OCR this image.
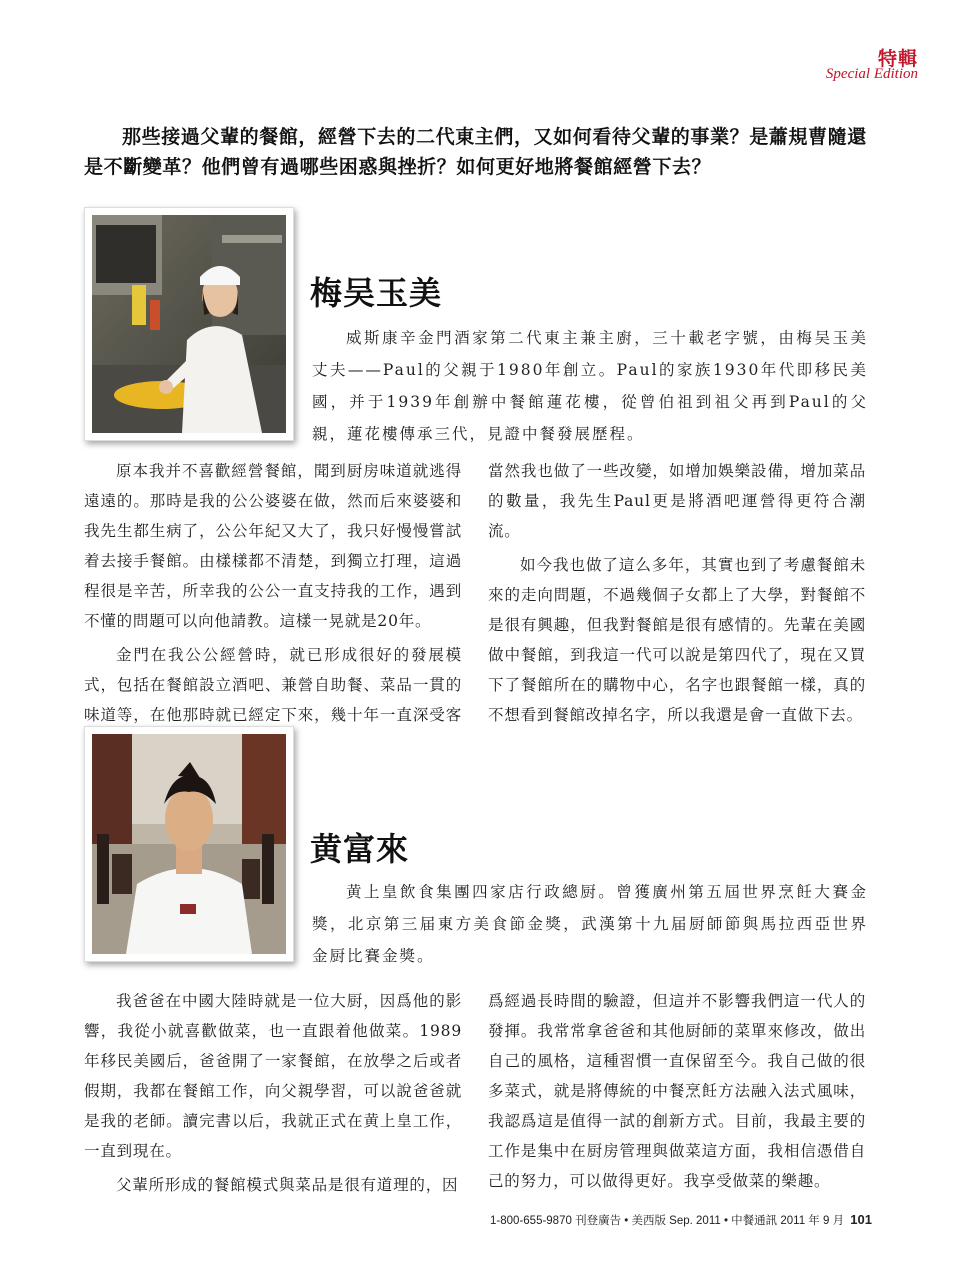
特輯
Special Edition
那些接過父輩的餐館，經營下去的二代東主們，又如何看待父輩的事業？是蕭規曹隨還是不斷變革？他們曾有過哪些困惑與挫折？如何更好地將餐館經營下去？
梅吴玉美
威斯康辛金門酒家第二代東主兼主廚，三十載老字號，由梅吴玉美丈夫——Paul的父親于1980年創立。Paul的家族1930年代即移民美國，并于1939年創辦中餐館蓮花樓，從曾伯祖到祖父再到Paul的父親，蓮花樓傳承三代，見證中餐發展歷程。

原本我并不喜歡經營餐館，聞到厨房味道就逃得遠遠的。那時是我的公公婆婆在做，然而后來婆婆和我先生都生病了，公公年紀又大了，我只好慢慢嘗試着去接手餐館。由樣樣都不清楚，到獨立打理，這過程很是辛苦，所幸我的公公一直支持我的工作，遇到不懂的問題可以向他請教。這樣一晃就是20年。

金門在我公公經營時，就已形成很好的發展模式，包括在餐館設立酒吧、兼營自助餐、菜品一貫的味道等，在他那時就已經定下來，幾十年一直深受客

當然我也做了一些改變，如增加娛樂設備，增加菜品的數量，我先生Paul更是將酒吧運營得更符合潮流。

如今我也做了這么多年，其實也到了考慮餐館未來的走向問題，不過幾個子女都上了大學，對餐館不是很有興趣，但我對餐館是很有感情的。先輩在美國做中餐館，到我這一代可以說是第四代了，現在又買下了餐館所在的購物中心，名字也跟餐館一樣，真的不想看到餐館改掉名字，所以我還是會一直做下去。

黄富來
黄上皇飲食集團四家店行政總厨。曾獲廣州第五屆世界烹飪大賽金獎，北京第三届東方美食節金獎，武漢第十九届厨師節與馬拉西亞世界金厨比賽金獎。

我爸爸在中國大陸時就是一位大厨，因爲他的影響，我從小就喜歡做菜，也一直跟着他做菜。1989年移民美國后，爸爸開了一家餐館，在放學之后或者假期，我都在餐館工作，向父親學習，可以說爸爸就是我的老師。讀完書以后，我就正式在黄上皇工作，一直到現在。

父輩所形成的餐館模式與菜品是很有道理的，因

爲經過長時間的驗證，但這并不影響我們這一代人的發揮。我常常拿爸爸和其他厨師的菜單來修改，做出自己的風格，這種習慣一直保留至今。我自己做的很多菜式，就是將傳統的中餐烹飪方法融入法式風味，我認爲這是值得一試的創新方式。目前，我最主要的工作是集中在厨房管理與做菜這方面，我相信憑借自己的努力，可以做得更好。我享受做菜的樂趣。

1-800-655-9870 刊登廣告 • 美西版 Sep. 2011 • 中餐通訊 2011 年 9 月 101
